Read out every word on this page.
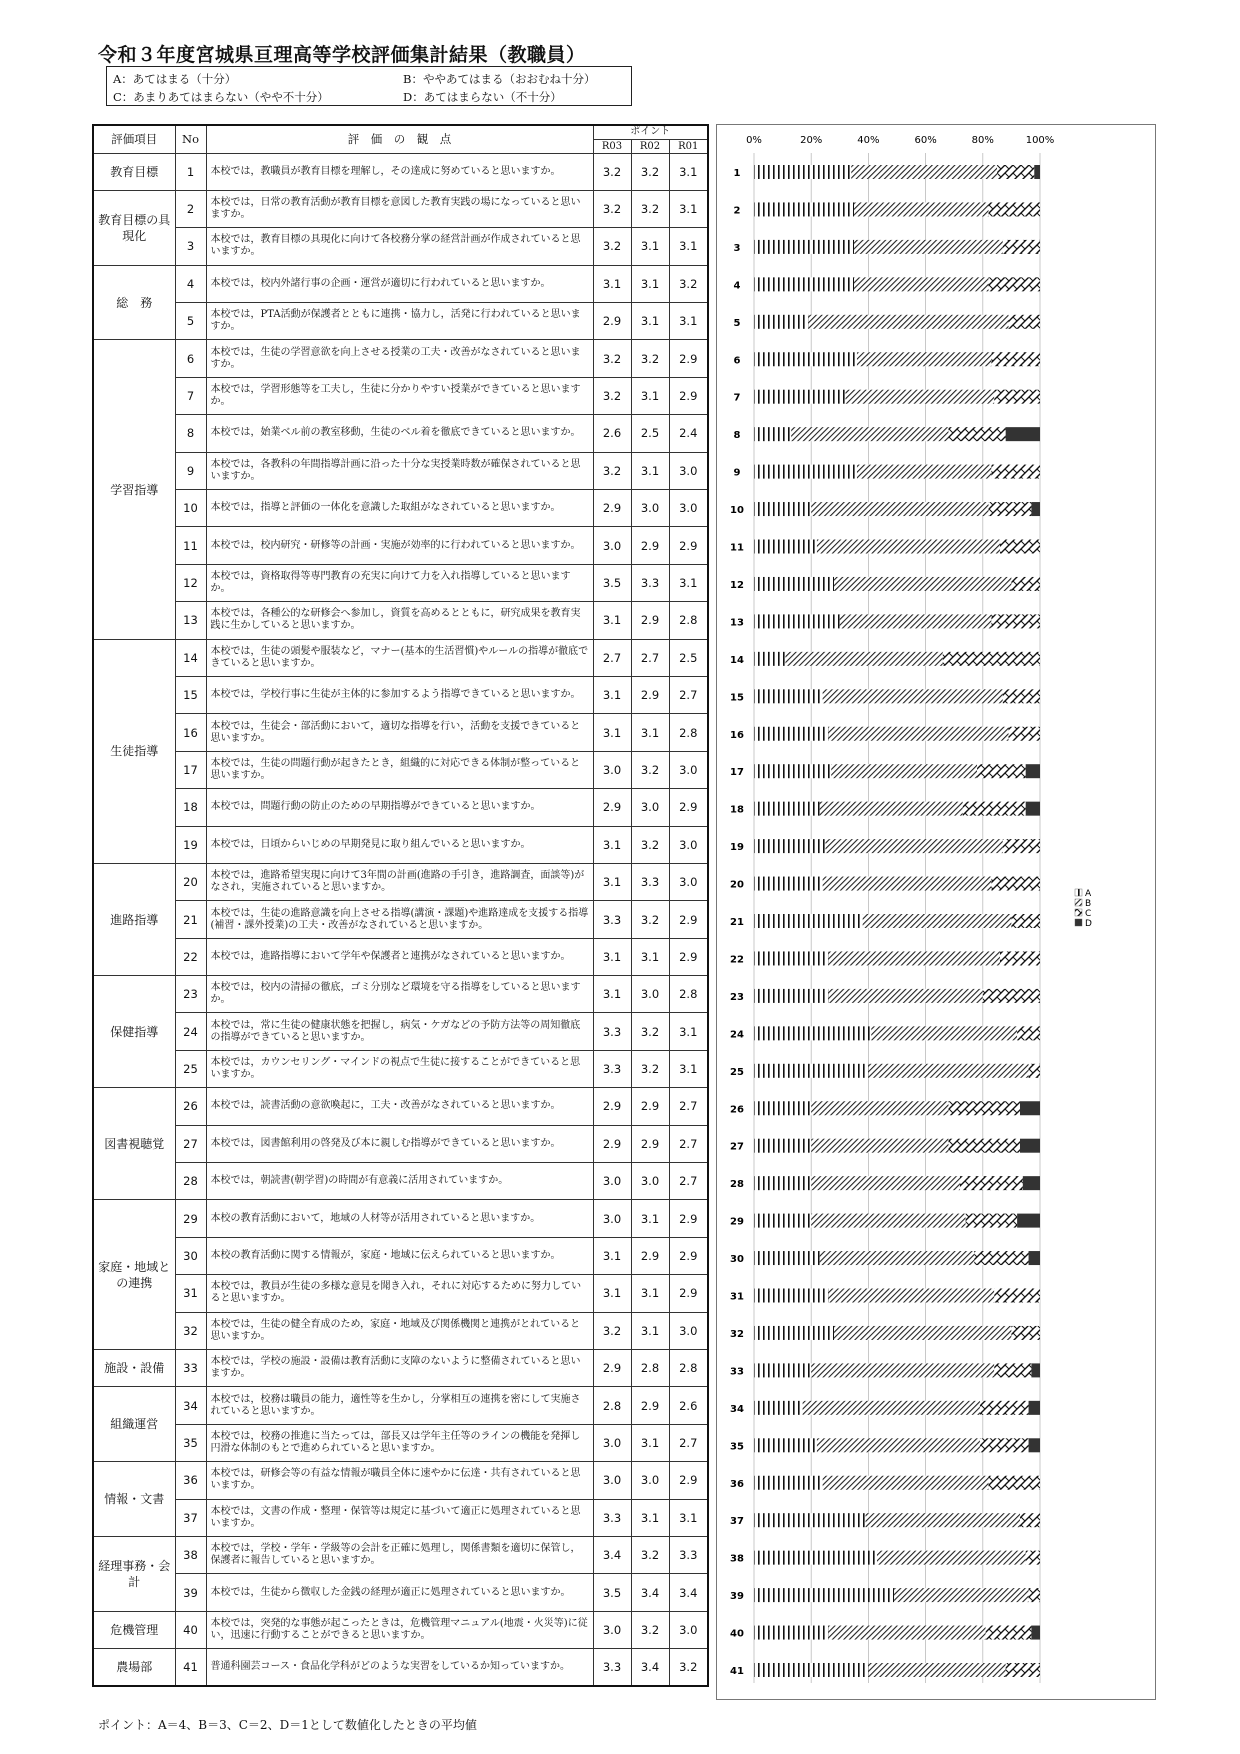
令和３年度宮城県亘理高等学校評価集計結果（教職員）
A：あてはまる（十分）	B：ややあてはまる（おおむね十分）
C：あまりあてはまらない（やや不十分）	D：あてはまらない（不十分）
評価項目	No	評　価　の　観　点	ポイント		
			R03	R02	R01
教育目標	1	本校では，教職員が教育目標を理解し，その達成に努めていると思いますか。	3.2	3.2	3.1
教育目標の具現化	2	本校では，日常の教育活動が教育目標を意図した教育実践の場になっていると思いますか。	3.2	3.2	3.1
	3	本校では，教育目標の具現化に向けて各校務分掌の経営計画が作成されていると思いますか。	3.2	3.1	3.1
総　務	4	本校では，校内外諸行事の企画・運営が適切に行われていると思いますか。	3.1	3.1	3.2
	5	本校では，PTA活動が保護者とともに連携・協力し，活発に行われていると思いますか。	2.9	3.1	3.1
学習指導	6	本校では，生徒の学習意欲を向上させる授業の工夫・改善がなされていると思いますか。	3.2	3.2	2.9
	7	本校では，学習形態等を工夫し，生徒に分かりやすい授業ができていると思いますか。	3.2	3.1	2.9
	8	本校では，始業ベル前の教室移動，生徒のベル着を徹底できていると思いますか。	2.6	2.5	2.4
	9	本校では，各教科の年間指導計画に沿った十分な実授業時数が確保されていると思いますか。	3.2	3.1	3.0
	10	本校では，指導と評価の一体化を意識した取組がなされていると思いますか。	2.9	3.0	3.0
	11	本校では，校内研究・研修等の計画・実施が効率的に行われていると思いますか。	3.0	2.9	2.9
	12	本校では，資格取得等専門教育の充実に向けて力を入れ指導していると思いますか。	3.5	3.3	3.1
	13	本校では，各種公的な研修会へ参加し，資質を高めるとともに，研究成果を教育実践に生かしていると思いますか。	3.1	2.9	2.8
生徒指導	14	本校では，生徒の頭髪や服装など，マナー(基本的生活習慣)やルールの指導が徹底できていると思いますか。	2.7	2.7	2.5
	15	本校では，学校行事に生徒が主体的に参加するよう指導できていると思いますか。	3.1	2.9	2.7
	16	本校では，生徒会・部活動において，適切な指導を行い，活動を支援できていると思いますか。	3.1	3.1	2.8
	17	本校では，生徒の問題行動が起きたとき，組織的に対応できる体制が整っていると思いますか。	3.0	3.2	3.0
	18	本校では，問題行動の防止のための早期指導ができていると思いますか。	2.9	3.0	2.9
	19	本校では，日頃からいじめの早期発見に取り組んでいると思いますか。	3.1	3.2	3.0
進路指導	20	本校では，進路希望実現に向けて3年間の計画(進路の手引き，進路調査，面談等)がなされ，実施されていると思いますか。	3.1	3.3	3.0
	21	本校では，生徒の進路意識を向上させる指導(講演・課題)や進路達成を支援する指導(補習・課外授業)の工夫・改善がなされていると思いますか。	3.3	3.2	2.9
	22	本校では，進路指導において学年や保護者と連携がなされていると思いますか。	3.1	3.1	2.9
保健指導	23	本校では，校内の清掃の徹底，ゴミ分別など環境を守る指導をしていると思いますか。	3.1	3.0	2.8
	24	本校では，常に生徒の健康状態を把握し，病気・ケガなどの予防方法等の周知徹底の指導ができていると思いますか。	3.3	3.2	3.1
	25	本校では，カウンセリング・マインドの視点で生徒に接することができていると思いますか。	3.3	3.2	3.1
図書視聴覚	26	本校では，読書活動の意欲喚起に，工夫・改善がなされていると思いますか。	2.9	2.9	2.7
	27	本校では，図書館利用の啓発及び本に親しむ指導ができていると思いますか。	2.9	2.9	2.7
	28	本校では，朝読書(朝学習)の時間が有意義に活用されていますか。	3.0	3.0	2.7
家庭・地域との連携	29	本校の教育活動において，地域の人材等が活用されていると思いますか。	3.0	3.1	2.9
	30	本校の教育活動に関する情報が，家庭・地域に伝えられていると思いますか。	3.1	2.9	2.9
	31	本校では，教員が生徒の多様な意見を聞き入れ，それに対応するために努力していると思いますか。	3.1	3.1	2.9
	32	本校では，生徒の健全育成のため，家庭・地域及び関係機関と連携がとれていると思いますか。	3.2	3.1	3.0
施設・設備	33	本校では，学校の施設・設備は教育活動に支障のないように整備されていると思いますか。	2.9	2.8	2.8
組織運営	34	本校では，校務は職員の能力，適性等を生かし，分掌相互の連携を密にして実施されていると思いますか。	2.8	2.9	2.6
	35	本校では，校務の推進に当たっては，部長又は学年主任等のラインの機能を発揮し円滑な体制のもとで進められていると思いますか。	3.0	3.1	2.7
情報・文書	36	本校では，研修会等の有益な情報が職員全体に速やかに伝達・共有されていると思いますか。	3.0	3.0	2.9
	37	本校では，文書の作成・整理・保管等は規定に基づいて適正に処理されていると思いますか。	3.3	3.1	3.1
経理事務・会計	38	本校では，学校・学年・学級等の会計を正確に処理し，関係書類を適切に保管し，保護者に報告していると思いますか。	3.4	3.2	3.3
	39	本校では，生徒から徴収した金銭の経理が適正に処理されていると思いますか。	3.5	3.4	3.4
危機管理	40	本校では，突発的な事態が起こったときは，危機管理マニュアル(地震・火災等)に従い，迅速に行動することができると思いますか。	3.0	3.2	3.0
農場部	41	普通科園芸コース・食品化学科がどのような実習をしているか知っていますか。	3.3	3.4	3.2
0%	20%	40%	60%	80%	100%
1
2
3
4
5
6
7
8
9
10
11
12
13
14
15
16
17
18
19
20
21
22
23
24
25
26
27
28
29
30
31
32
33
34
35
36
37
38
39
40
41
A
B
C
D
ポイント：A＝4、B＝3、C＝2、D＝1として数値化したときの平均値
